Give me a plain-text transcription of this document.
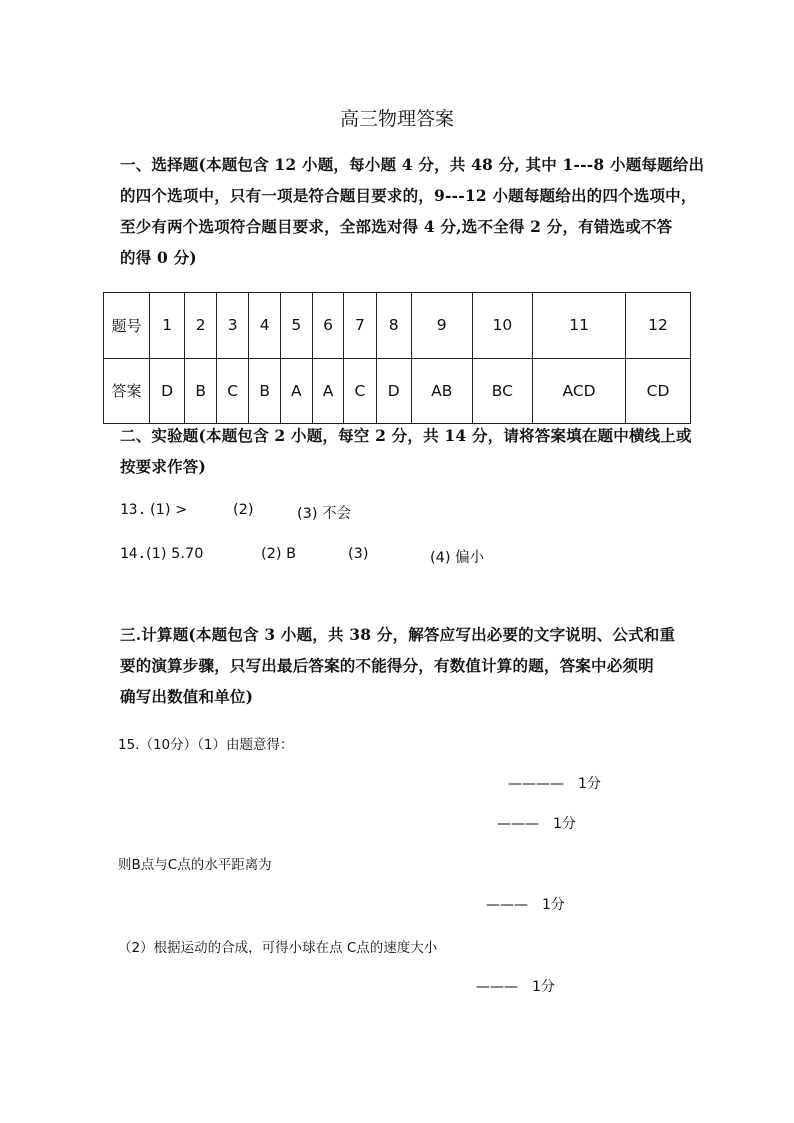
高三物理答案
一、选择题(本题包含 12 小题，每小题 4 分，共 48 分, 其中 1---8 小题每题给出
的四个选项中，只有一项是符合题目要求的，9---12 小题每题给出的四个选项中，
至少有两个选项符合题目要求，全部选对得 4 分,选不全得 2 分，有错选或不答
的得 0 分)
题号	1	2	3	4	5	6	7	8	9	10	11	12
答案	D	B	C	B	A	A	C	D	AB	BC	ACD	CD
二、实验题(本题包含 2 小题，每空 2 分，共 14 分，请将答案填在题中横线上或
按要求作答)
13. (1) >	(2)	(3) 不会
14. (1) 5.70	(2) B	(3)	(4) 偏小
三.计算题(本题包含 3 小题，共 38 分，解答应写出必要的文字说明、公式和重
要的演算步骤，只写出最后答案的不能得分，有数值计算的题，答案中必须明
确写出数值和单位)
15.（10分）（1）由题意得：
———— 1分
——— 1分
则B点与C点的水平距离为
——— 1分
（2）根据运动的合成，可得小球在点 C点的速度大小
——— 1分
